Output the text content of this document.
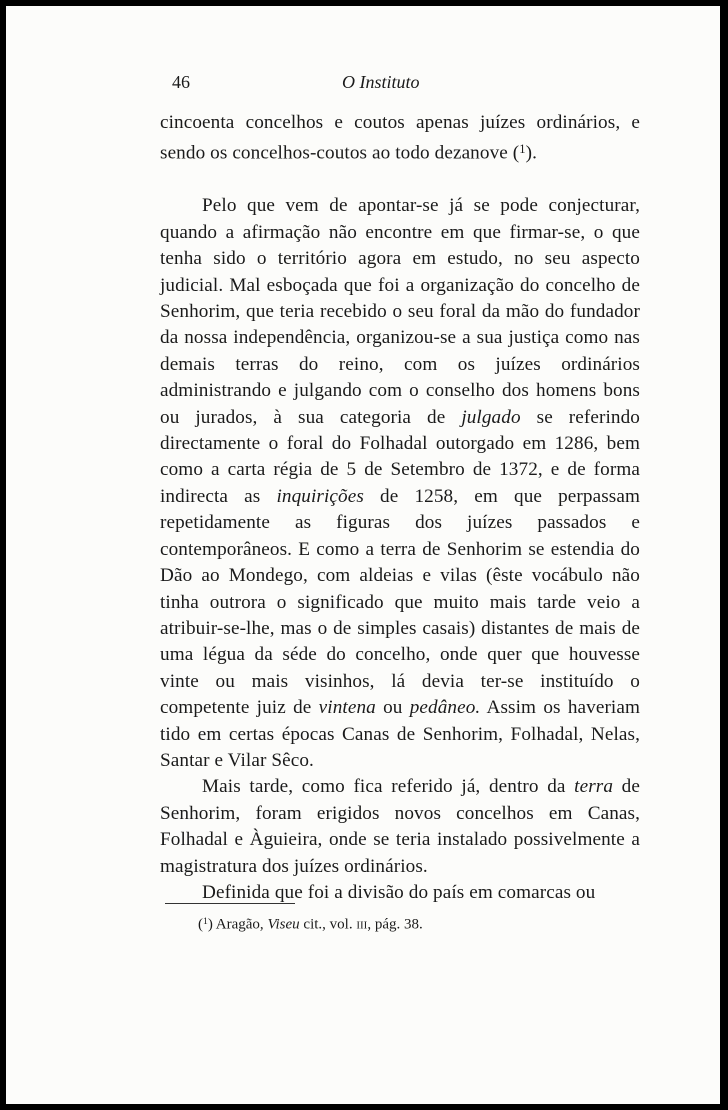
46	O Instituto

cincoenta concelhos e coutos apenas juízes ordinários, e sendo os concelhos-coutos ao todo dezanove ($^1$).

Pelo que vem de apontar-se já se pode conjecturar, quando a afirmação não encontre em que firmar-se, o que tenha sido o território agora em estudo, no seu aspecto judicial. Mal esboçada que foi a organização do concelho de Senhorim, que teria recebido o seu foral da mão do fundador da nossa independência, organizou-se a sua justiça como nas demais terras do reino, com os juízes ordinários administrando e julgando com o conselho dos homens bons ou jurados, à sua categoria de julgado se referindo directamente o foral do Folhadal outorgado em 1286, bem como a carta régia de 5 de Setembro de 1372, e de forma indirecta as inquirições de 1258, em que perpassam repetidamente as figuras dos juízes passados e contemporâneos. E como a terra de Senhorim se estendia do Dão ao Mondego, com aldeias e vilas (êste vocábulo não tinha outrora o significado que muito mais tarde veio a atribuir-se-lhe, mas o de simples casais) distantes de mais de uma légua da séde do concelho, onde quer que houvesse vinte ou mais visinhos, lá devia ter-se instituído o competente juiz de vintena ou pedâneo. Assim os haveriam tido em certas épocas Canas de Senhorim, Folhadal, Nelas, Santar e Vilar Sêco.

Mais tarde, como fica referido já, dentro da terra de Senhorim, foram erigidos novos concelhos em Canas, Folhadal e Àguieira, onde se teria instalado possivelmente a magistratura dos juízes ordinários.

Definida que foi a divisão do país em comarcas ou

($^1$) Aragão, Viseu cit., vol. iii, pág. 38.
